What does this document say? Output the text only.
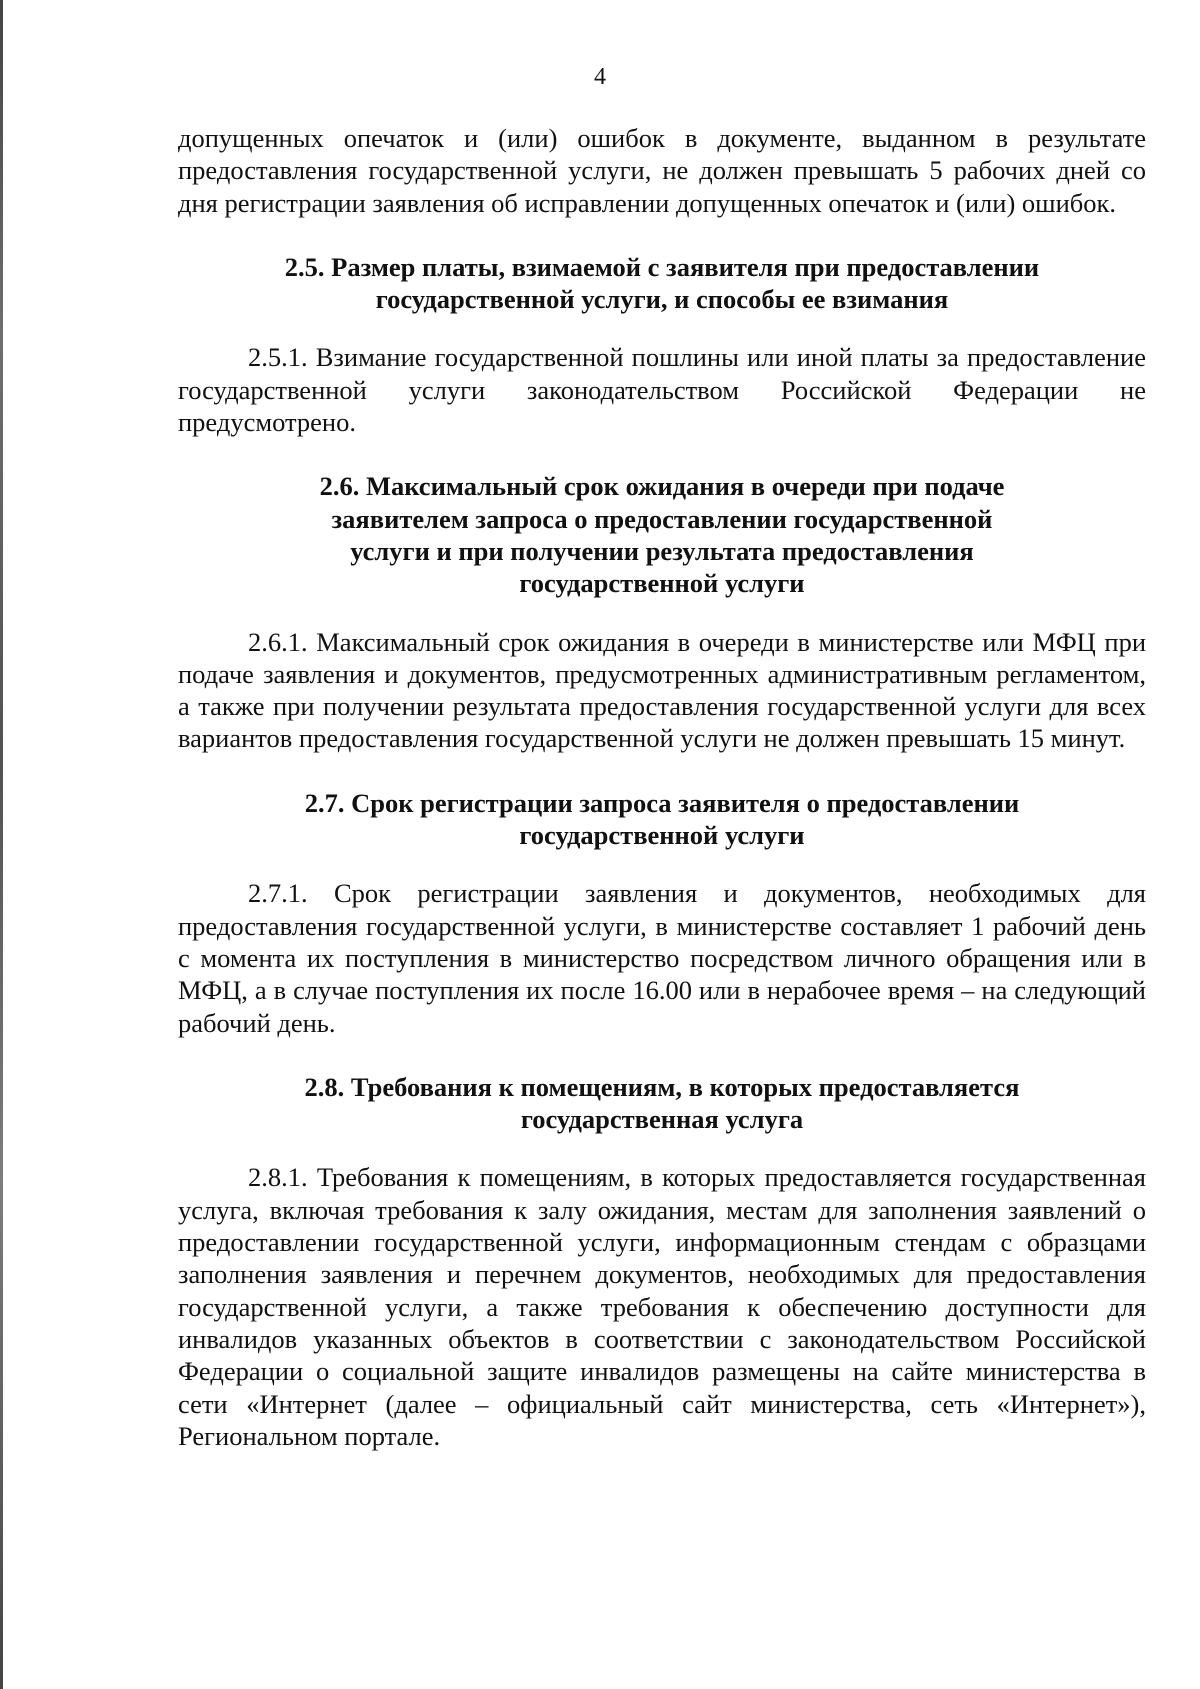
4

допущенных опечаток и (или) ошибок в документе, выданном в результате предоставления государственной услуги, не должен превышать 5 рабочих дней со дня регистрации заявления об исправлении допущенных опечаток и (или) ошибок.

2.5. Размер платы, взимаемой с заявителя при предоставлении
государственной услуги, и способы ее взимания

2.5.1. Взимание государственной пошлины или иной платы за предоставление государственной услуги законодательством Российской Федерации не предусмотрено.

2.6. Максимальный срок ожидания в очереди при подаче
заявителем запроса о предоставлении государственной
услуги и при получении результата предоставления
государственной услуги

2.6.1. Максимальный срок ожидания в очереди в министерстве или МФЦ при подаче заявления и документов, предусмотренных административным регламентом, а также при получении результата предоставления государственной услуги для всех вариантов предоставления государственной услуги не должен превышать 15 минут.

2.7. Срок регистрации запроса заявителя о предоставлении
государственной услуги

2.7.1. Срок регистрации заявления и документов, необходимых для предоставления государственной услуги, в министерстве составляет 1 рабочий день с момента их поступления в министерство посредством личного обращения или в МФЦ, а в случае поступления их после 16.00 или в нерабочее время – на следующий рабочий день.

2.8. Требования к помещениям, в которых предоставляется
государственная услуга

2.8.1. Требования к помещениям, в которых предоставляется государственная услуга, включая требования к залу ожидания, местам для заполнения заявлений о предоставлении государственной услуги, информационным стендам с образцами заполнения заявления и перечнем документов, необходимых для предоставления государственной услуги, а также требования к обеспечению доступности для инвалидов указанных объектов в соответствии с законодательством Российской Федерации о социальной защите инвалидов размещены на сайте министерства в сети «Интернет (далее – официальный сайт министерства, сеть «Интернет»), Региональном портале.
